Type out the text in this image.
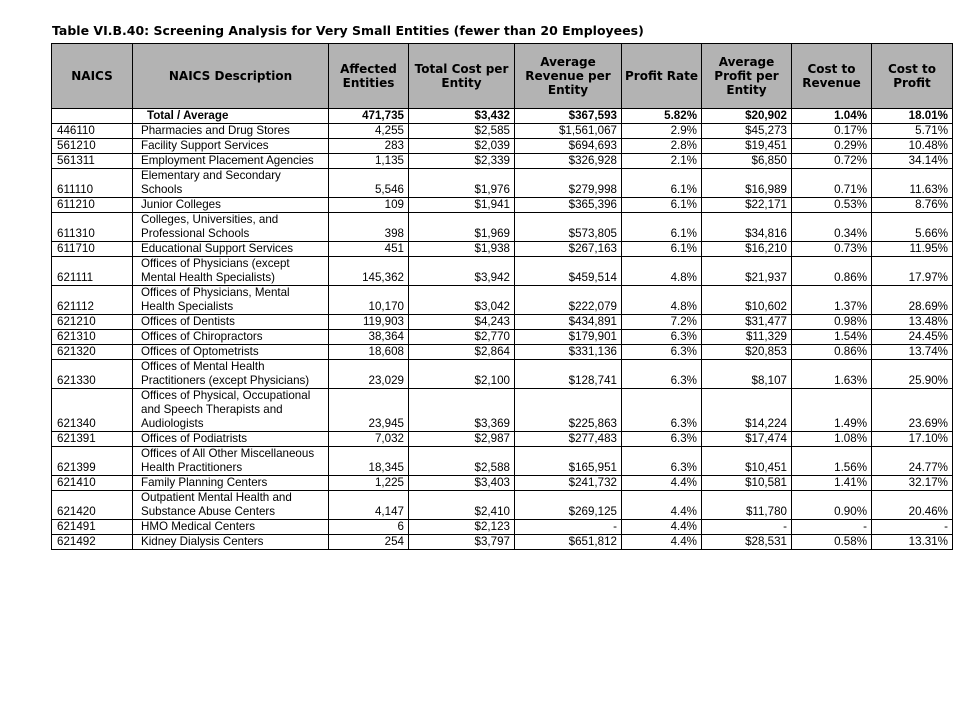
Table VI.B.40: Screening Analysis for Very Small Entities (fewer than 20 Employees)
NAICS	NAICS Description	Affected Entities	Total Cost per Entity	Average Revenue per Entity	Profit Rate	Average Profit per Entity	Cost to Revenue	Cost to Profit
	Total / Average	471,735	$3,432	$367,593	5.82%	$20,902	1.04%	18.01%
446110	Pharmacies and Drug Stores	4,255	$2,585	$1,561,067	2.9%	$45,273	0.17%	5.71%
561210	Facility Support Services	283	$2,039	$694,693	2.8%	$19,451	0.29%	10.48%
561311	Employment Placement Agencies	1,135	$2,339	$326,928	2.1%	$6,850	0.72%	34.14%
611110	Elementary and Secondary Schools	5,546	$1,976	$279,998	6.1%	$16,989	0.71%	11.63%
611210	Junior Colleges	109	$1,941	$365,396	6.1%	$22,171	0.53%	8.76%
611310	Colleges, Universities, and Professional Schools	398	$1,969	$573,805	6.1%	$34,816	0.34%	5.66%
611710	Educational Support Services	451	$1,938	$267,163	6.1%	$16,210	0.73%	11.95%
621111	Offices of Physicians (except Mental Health Specialists)	145,362	$3,942	$459,514	4.8%	$21,937	0.86%	17.97%
621112	Offices of Physicians, Mental Health Specialists	10,170	$3,042	$222,079	4.8%	$10,602	1.37%	28.69%
621210	Offices of Dentists	119,903	$4,243	$434,891	7.2%	$31,477	0.98%	13.48%
621310	Offices of Chiropractors	38,364	$2,770	$179,901	6.3%	$11,329	1.54%	24.45%
621320	Offices of Optometrists	18,608	$2,864	$331,136	6.3%	$20,853	0.86%	13.74%
621330	Offices of Mental Health Practitioners (except Physicians)	23,029	$2,100	$128,741	6.3%	$8,107	1.63%	25.90%
621340	Offices of Physical, Occupational and Speech Therapists and Audiologists	23,945	$3,369	$225,863	6.3%	$14,224	1.49%	23.69%
621391	Offices of Podiatrists	7,032	$2,987	$277,483	6.3%	$17,474	1.08%	17.10%
621399	Offices of All Other Miscellaneous Health Practitioners	18,345	$2,588	$165,951	6.3%	$10,451	1.56%	24.77%
621410	Family Planning Centers	1,225	$3,403	$241,732	4.4%	$10,581	1.41%	32.17%
621420	Outpatient Mental Health and Substance Abuse Centers	4,147	$2,410	$269,125	4.4%	$11,780	0.90%	20.46%
621491	HMO Medical Centers	6	$2,123	-	4.4%	-	-	-
621492	Kidney Dialysis Centers	254	$3,797	$651,812	4.4%	$28,531	0.58%	13.31%
